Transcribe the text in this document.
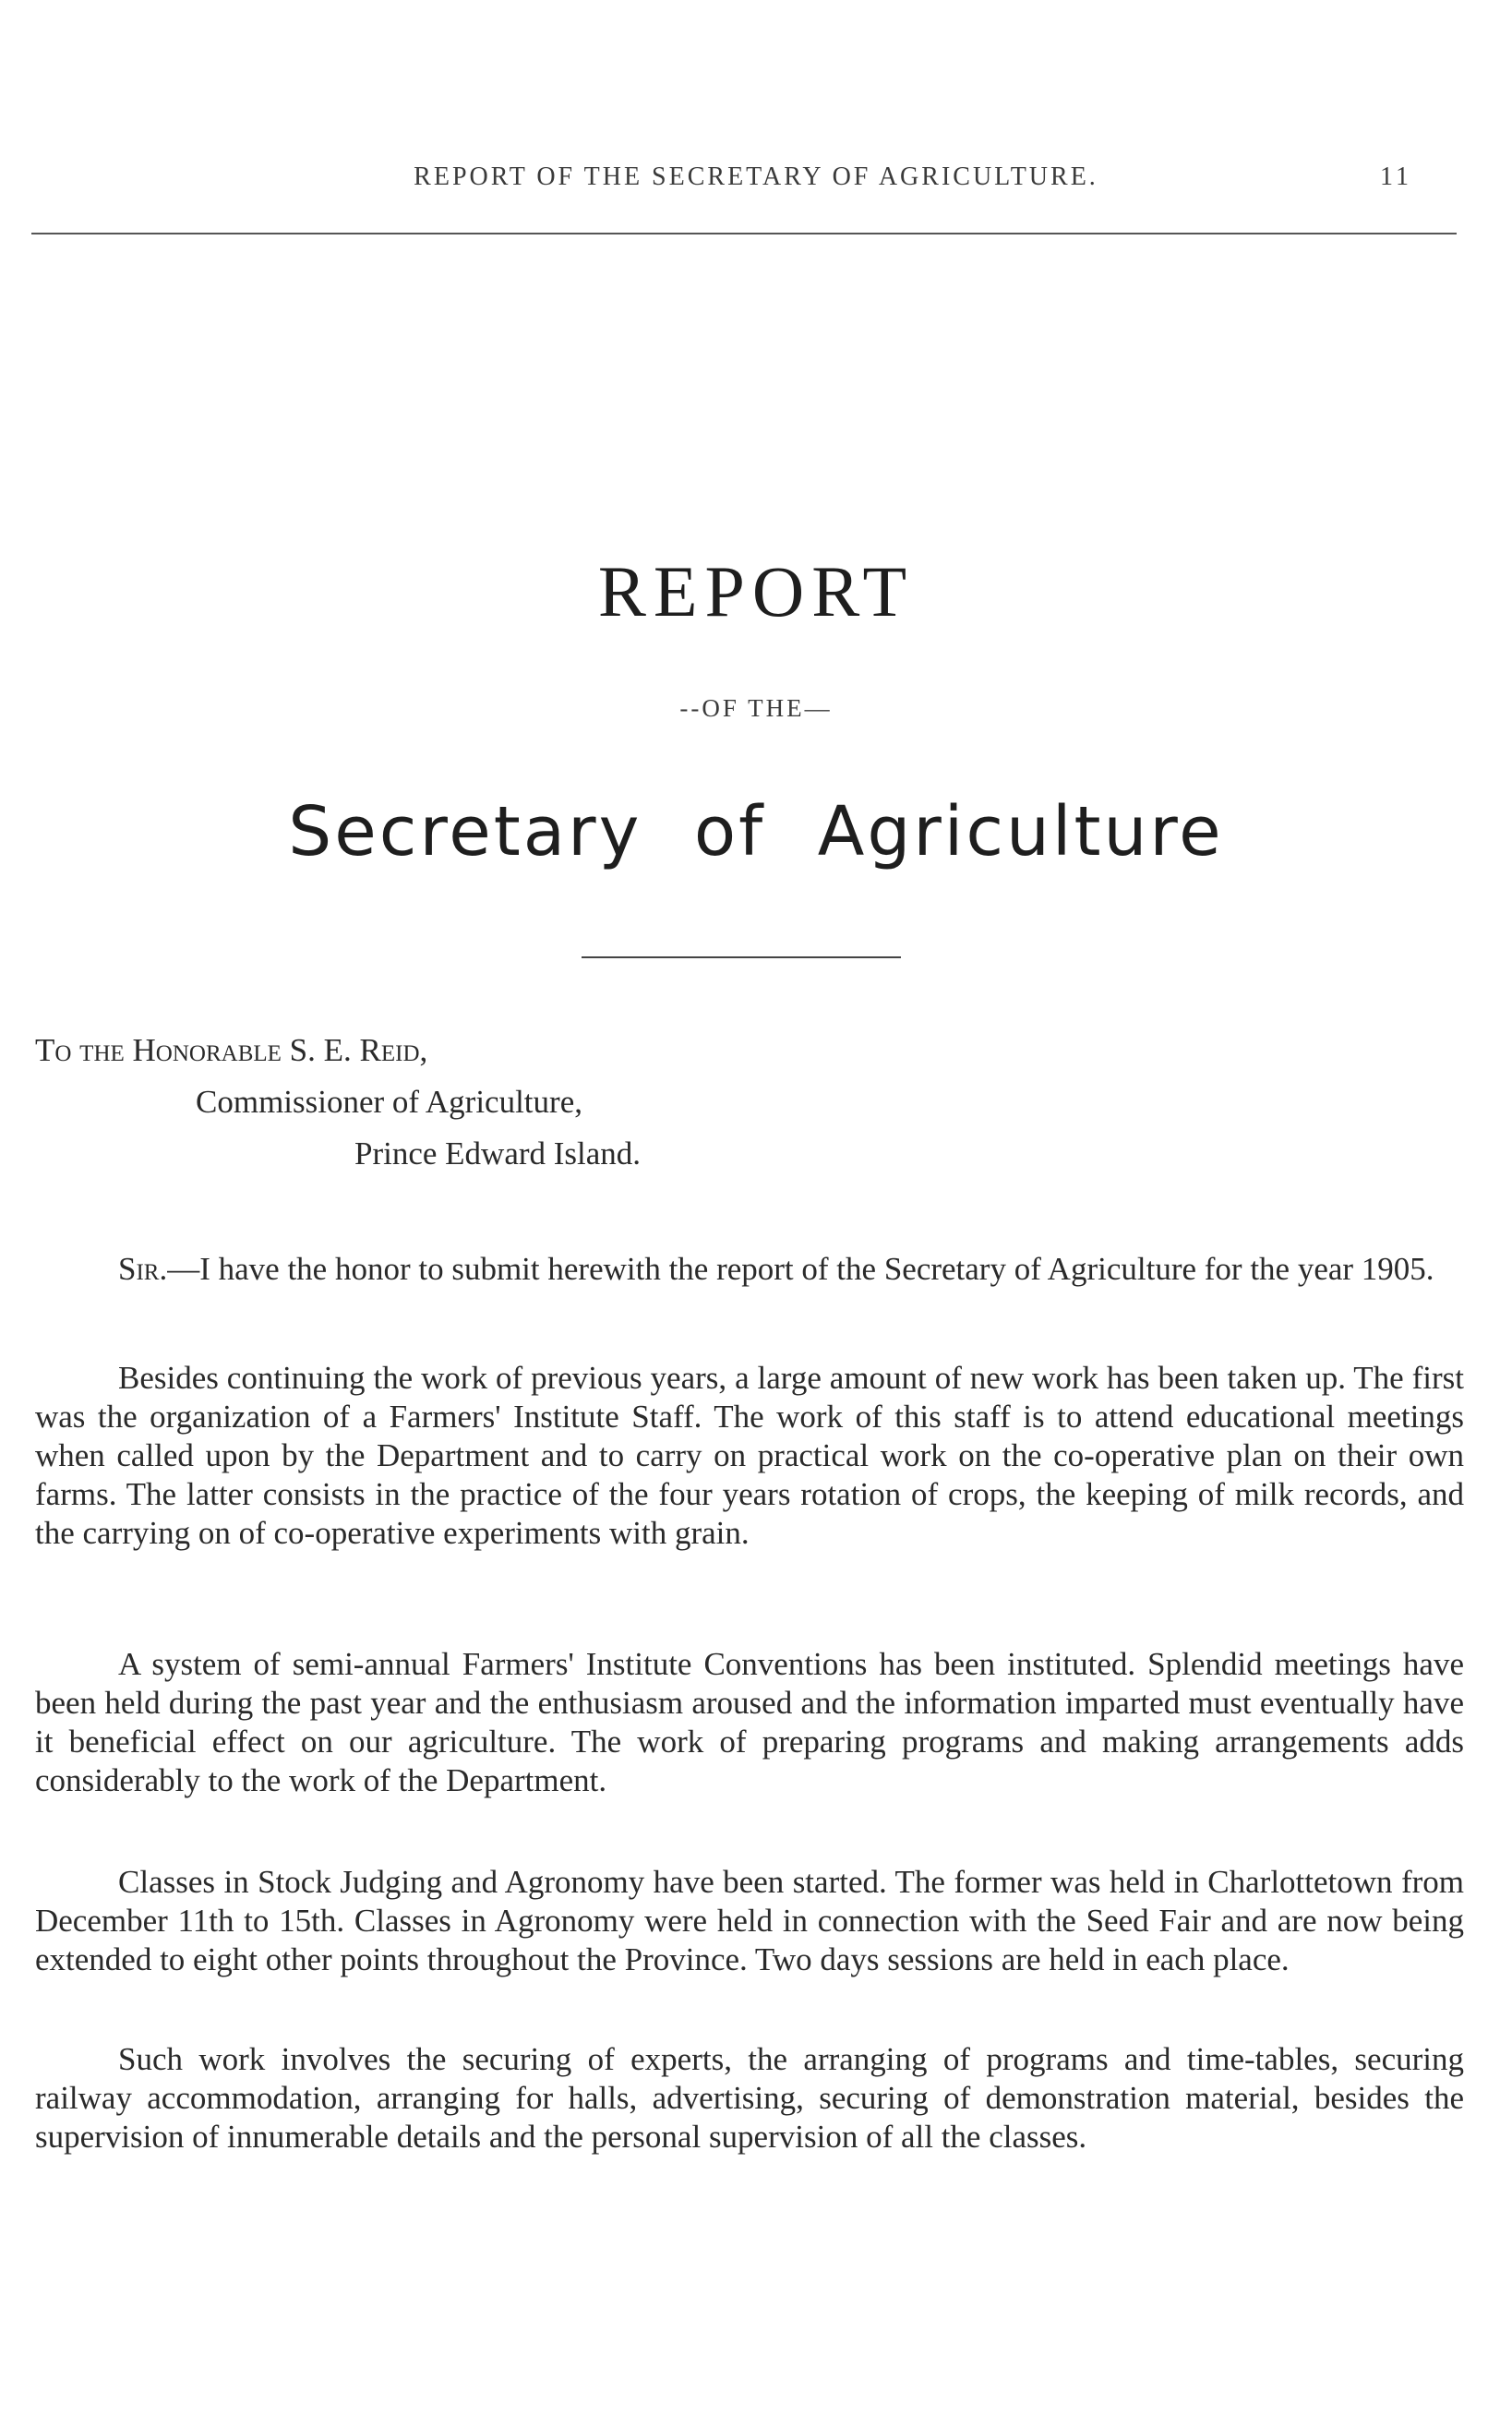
REPORT OF THE SECRETARY OF AGRICULTURE.	11
REPORT
--OF THE—
Secretary of Agriculture
To the Honorable S. E. Reid,
Commissioner of Agriculture,
Prince Edward Island.

Sir.—I have the honor to submit herewith the report of the Secretary of Agriculture for the year 1905.

Besides continuing the work of previous years, a large amount of new work has been taken up. The first was the organization of a Farmers' Institute Staff. The work of this staff is to attend educational meetings when called upon by the Department and to carry on practical work on the co-operative plan on their own farms. The latter consists in the practice of the four years rotation of crops, the keeping of milk records, and the carrying on of co-operative experiments with grain.

A system of semi-annual Farmers' Institute Conventions has been instituted. Splendid meetings have been held during the past year and the enthusiasm aroused and the information imparted must eventually have it beneficial effect on our agriculture. The work of preparing programs and making arrangements adds considerably to the work of the Department.

Classes in Stock Judging and Agronomy have been started. The former was held in Charlottetown from December 11th to 15th. Classes in Agronomy were held in connection with the Seed Fair and are now being extended to eight other points throughout the Province. Two days sessions are held in each place.

Such work involves the securing of experts, the arranging of programs and time-tables, securing railway accommodation, arranging for halls, advertising, securing of demonstration material, besides the supervision of innumerable details and the personal supervision of all the classes.
